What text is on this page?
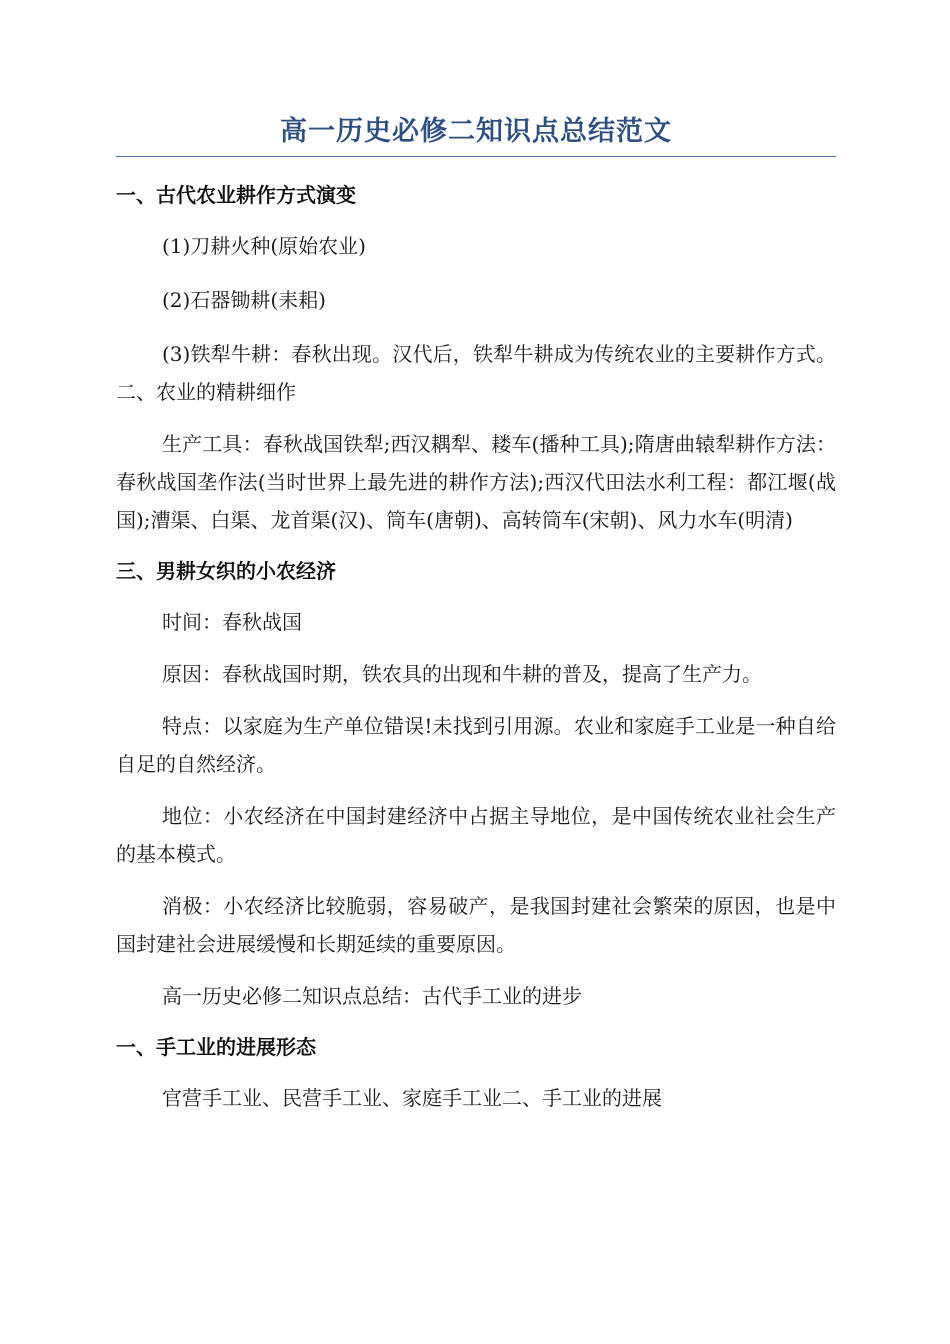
高一历史必修二知识点总结范文
一、古代农业耕作方式演变

(1)刀耕火种(原始农业)

(2)石器锄耕(耒耜)

(3)铁犁牛耕：春秋出现。汉代后，铁犁牛耕成为传统农业的主要耕作方式。二、农业的精耕细作

生产工具：春秋战国铁犁;西汉耦犁、耧车(播种工具);隋唐曲辕犁耕作方法：春秋战国垄作法(当时世界上最先进的耕作方法);西汉代田法水利工程：都江堰(战国);漕渠、白渠、龙首渠(汉)、筒车(唐朝)、高转筒车(宋朝)、风力水车(明清)

三、男耕女织的小农经济

时间：春秋战国

原因：春秋战国时期，铁农具的出现和牛耕的普及，提高了生产力。

特点：以家庭为生产单位错误!未找到引用源。农业和家庭手工业是一种自给自足的自然经济。

地位：小农经济在中国封建经济中占据主导地位，是中国传统农业社会生产的基本模式。

消极：小农经济比较脆弱，容易破产，是我国封建社会繁荣的原因，也是中国封建社会进展缓慢和长期延续的重要原因。

高一历史必修二知识点总结：古代手工业的进步

一、手工业的进展形态

官营手工业、民营手工业、家庭手工业二、手工业的进展
